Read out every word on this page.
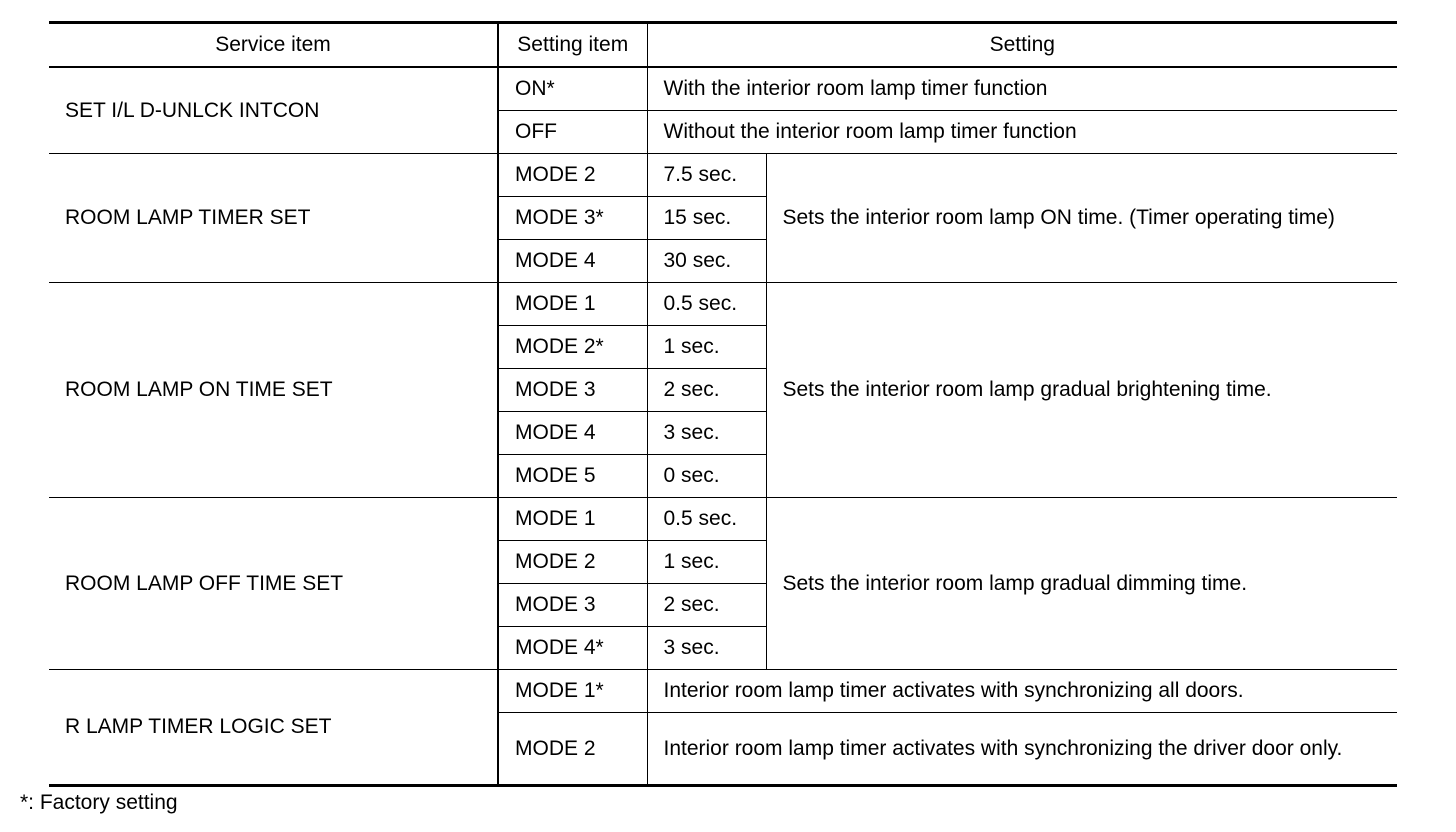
Service item	Setting item	Setting	
SET I/L D-UNLCK INTCON	ON*	With the interior room lamp timer function	
	OFF	Without the interior room lamp timer function	
ROOM LAMP TIMER SET	MODE 2	7.5 sec.	Sets the interior room lamp ON time. (Timer operating time)
	MODE 3*	15 sec.	
	MODE 4	30 sec.	
ROOM LAMP ON TIME SET	MODE 1	0.5 sec.	Sets the interior room lamp gradual brightening time.
	MODE 2*	1 sec.	
	MODE 3	2 sec.	
	MODE 4	3 sec.	
	MODE 5	0 sec.	
ROOM LAMP OFF TIME SET	MODE 1	0.5 sec.	Sets the interior room lamp gradual dimming time.
	MODE 2	1 sec.	
	MODE 3	2 sec.	
	MODE 4*	3 sec.	
R LAMP TIMER LOGIC SET	MODE 1*	Interior room lamp timer activates with synchronizing all doors.	
	MODE 2	Interior room lamp timer activates with synchronizing the driver door only.	
*: Factory setting
